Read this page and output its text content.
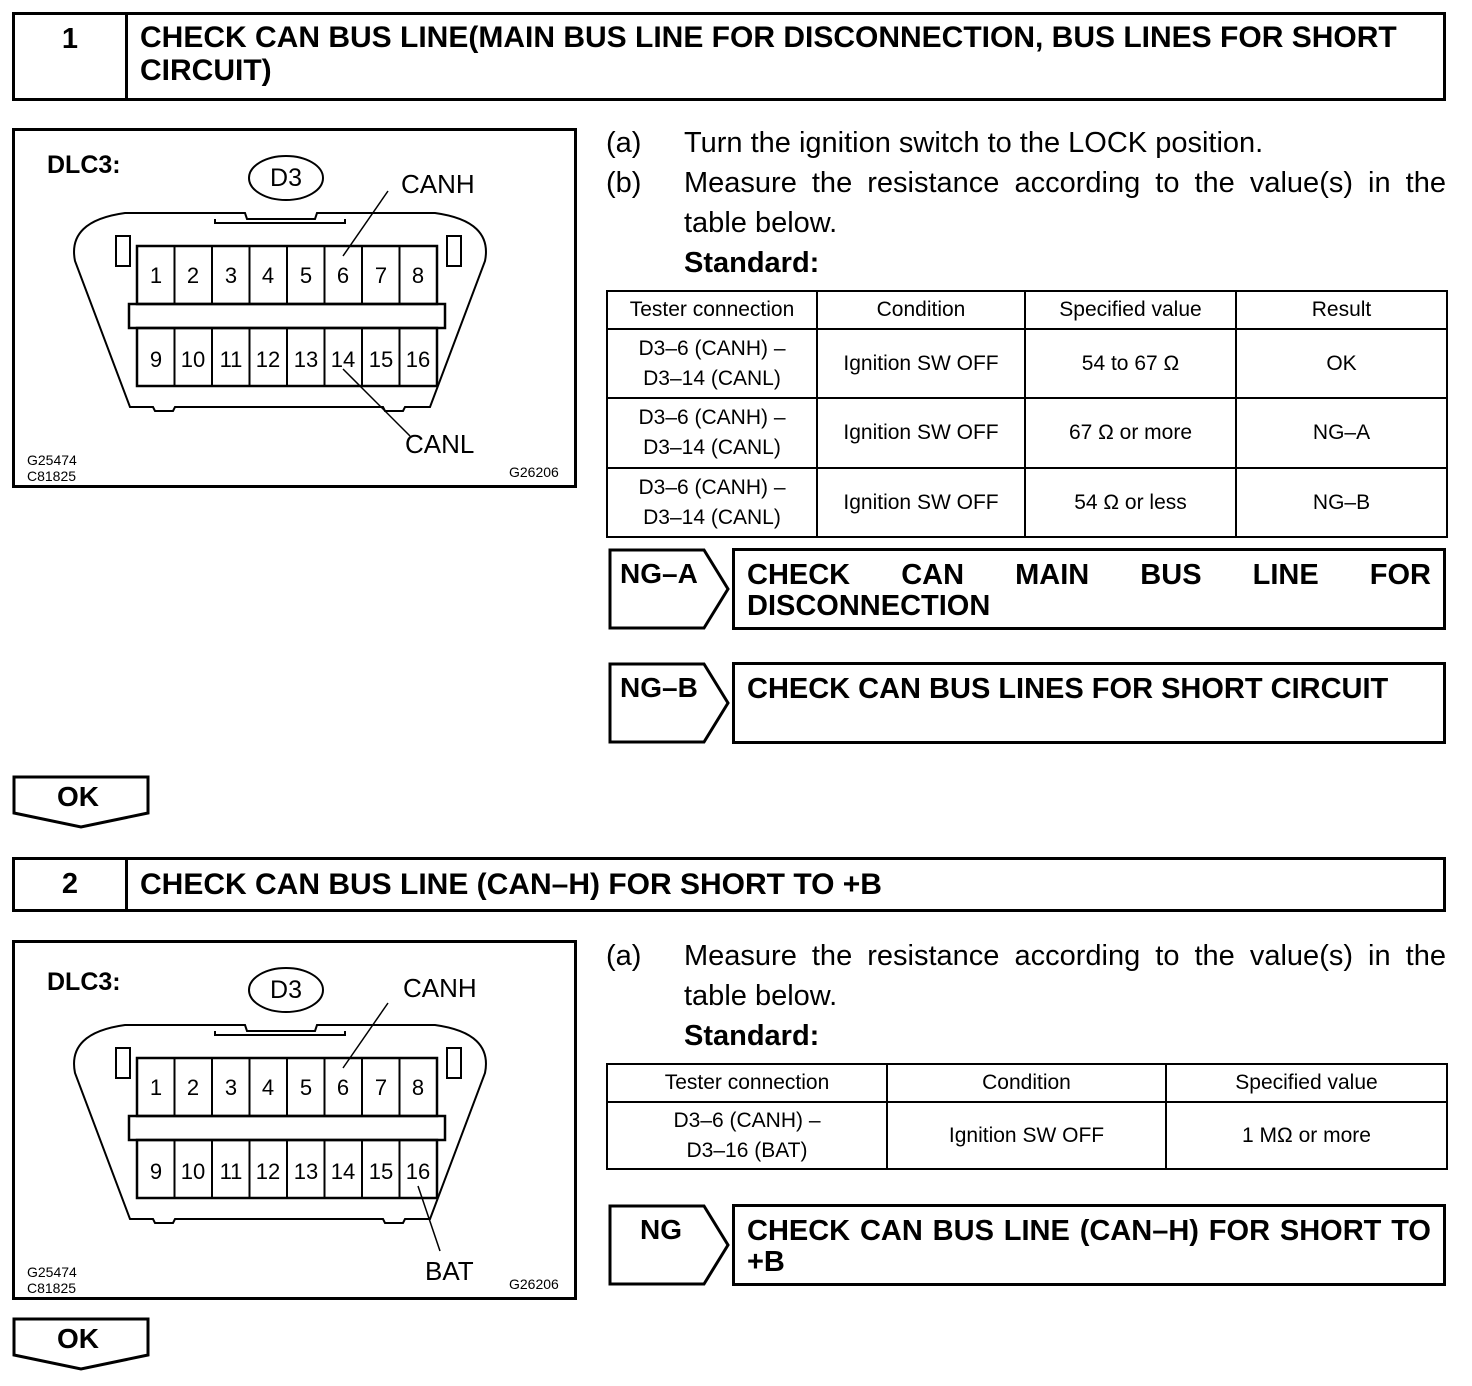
1	CHECK CAN BUS LINE(MAIN BUS LINE FOR DISCONNECTION, BUS LINES FOR SHORT CIRCUIT)
1 2 3 4 5 6 7 8
9 10 11 12 13 14 15 16
DLC3:	D3	CANH
CANL
G25474
C81825	G26206
(a)	Turn the ignition switch to the LOCK position.
(b)	Measure the resistance according to the value(s) in the table below.
Standard:
Tester connection	Condition	Specified value	Result
D3–6 (CANH) –
D3–14 (CANL)	Ignition SW OFF	54 to 67 Ω	OK
D3–6 (CANH) –
D3–14 (CANL)	Ignition SW OFF	67 Ω or more	NG–A
D3–6 (CANH) –
D3–14 (CANL)	Ignition SW OFF	54 Ω or less	NG–B
NG–A	CHECK CAN MAIN BUS LINE FOR DISCONNECTION
NG–B	CHECK CAN BUS LINES FOR SHORT CIRCUIT
OK
2	CHECK CAN BUS LINE (CAN–H) FOR SHORT TO +B
1 2 3 4 5 6 7 8
9 10 11 12 13 14 15 16
DLC3:	D3	CANH
BAT
G25474
C81825	G26206
(a)	Measure the resistance according to the value(s) in the table below.
Standard:
Tester connection	Condition	Specified value
D3–6 (CANH) –
D3–16 (BAT)	Ignition SW OFF	1 MΩ or more
NG	CHECK CAN BUS LINE (CAN–H) FOR SHORT TO +B
OK
